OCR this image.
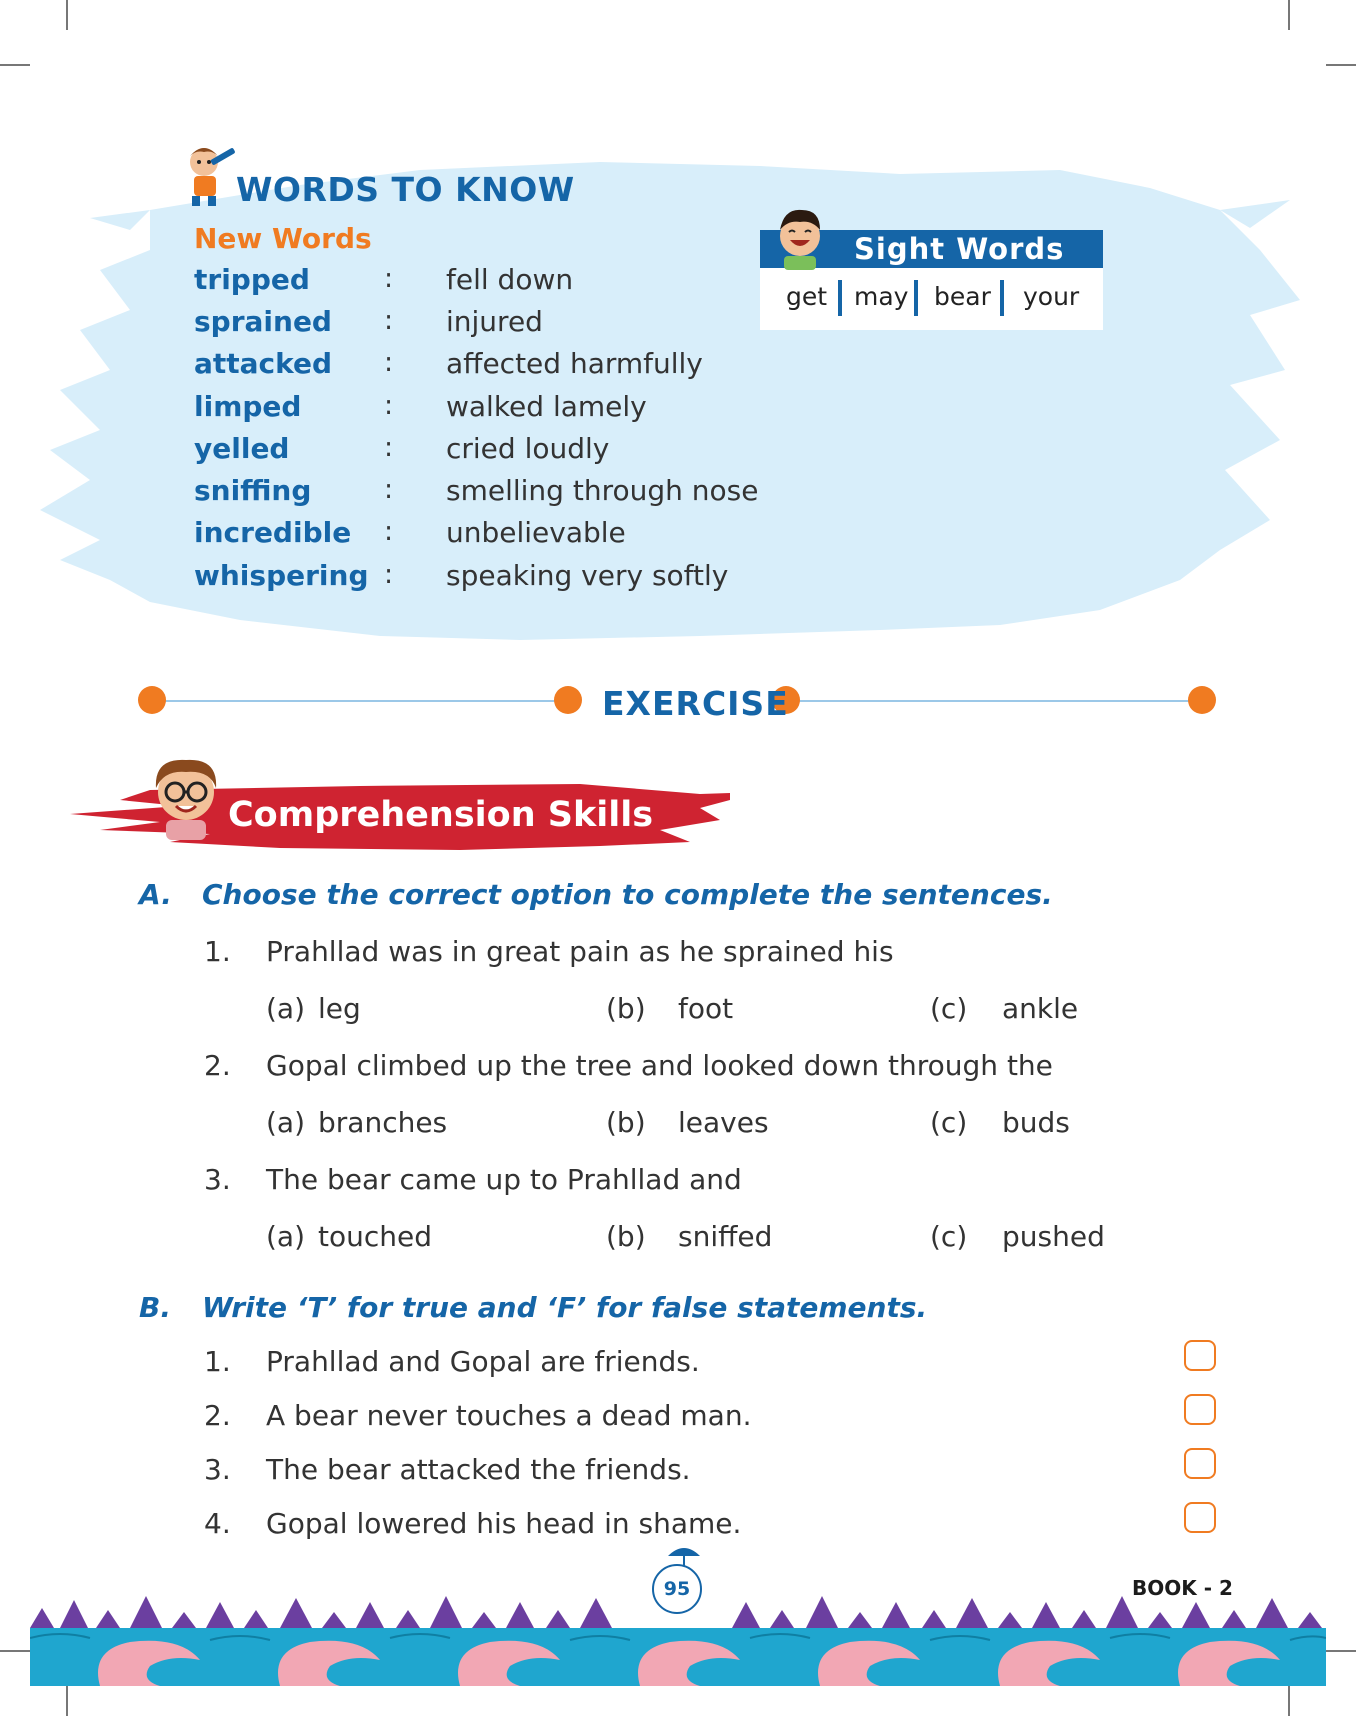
WORDS TO KNOW
New Words
tripped	: fell down
sprained : injured
attacked : affected harmfully
limped	: walked lamely
yelled	: cried loudly
sniffing	: smelling through nose
incredible : unbelievable
whispering : speaking very softly
get may bear your
Sight Words
EXERCISE
Comprehension Skills
A. Choose the correct option to complete the sentences.
1. Prahllad was in great pain as he sprained his
(a) leg	(b) foot	(c) ankle
2. Gopal climbed up the tree and looked down through the
(a) branches	(b) leaves	(c) buds
3. The bear came up to Prahllad and
(a) touched	(b) sniffed	(c) pushed
B. Write ‘T’ for true and ‘F’ for false statements.
1. Prahllad and Gopal are friends.
2. A bear never touches a dead man.
3. The bear attacked the friends.
4. Gopal lowered his head in shame.
95	BOOK - 2
